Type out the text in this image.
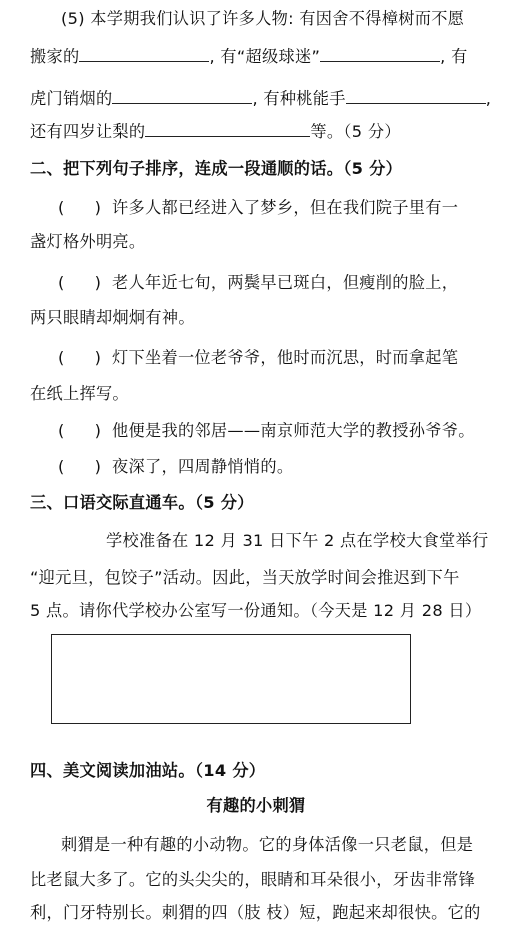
(5) 本学期我们认识了许多人物: 有因舍不得樟树而不愿
搬家的	, 有“超级球迷”	, 有
虎门销烟的	, 有种桃能手	,
还有四岁让梨的	等。（5 分）
二、把下列句子排序，连成一段通顺的话。（5 分）
( ) 许多人都已经进入了梦乡，但在我们院子里有一
盏灯格外明亮。
( ) 老人年近七旬，两鬓早已斑白，但瘦削的脸上，
两只眼睛却炯炯有神。
( ) 灯下坐着一位老爷爷，他时而沉思，时而拿起笔
在纸上挥写。
( ) 他便是我的邻居——南京师范大学的教授孙爷爷。
( ) 夜深了，四周静悄悄的。
三、口语交际直通车。（5 分）
学校准备在 12 月 31 日下午 2 点在学校大食堂举行
“迎元旦，包饺子”活动。因此，当天放学时间会推迟到下午
5 点。请你代学校办公室写一份通知。（今天是 12 月 28 日）
四、美文阅读加油站。（14 分）
有趣的小刺猬
刺猬是一种有趣的小动物。它的身体活像一只老鼠，但是
比老鼠大多了。它的头尖尖的，眼睛和耳朵很小，牙齿非常锋
利，门牙特别长。刺猬的四（肢 枝）短，跑起来却很快。它的
